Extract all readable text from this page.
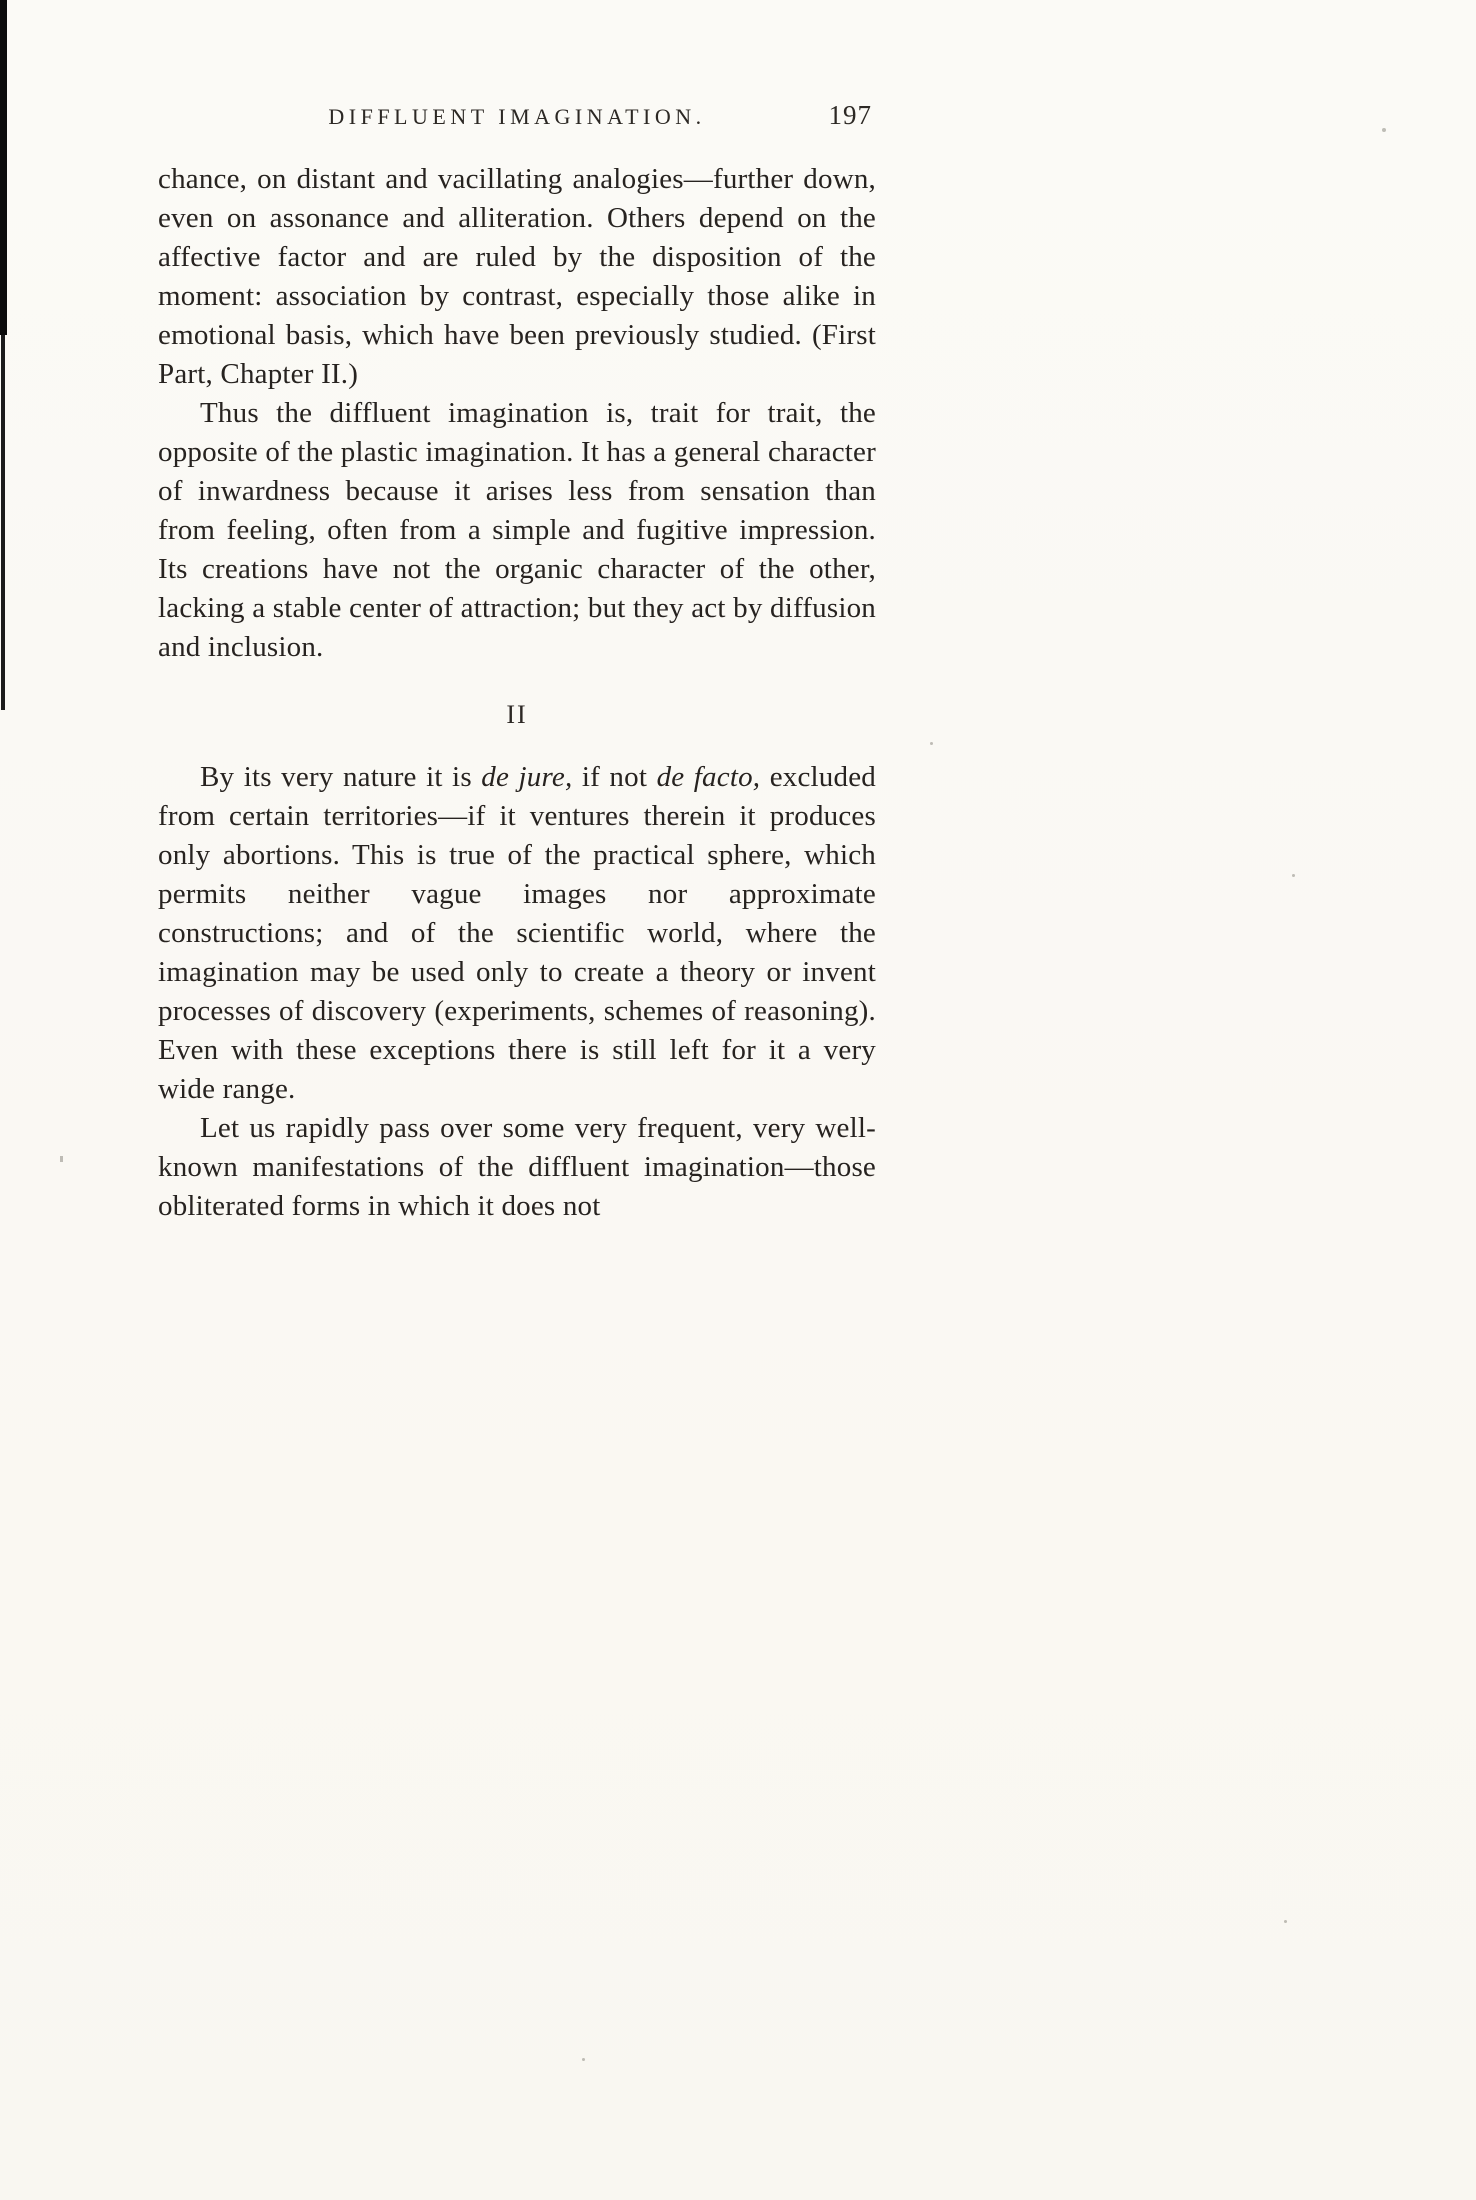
DIFFLUENT IMAGINATION.	197

chance, on distant and vacillating analogies—further down, even on assonance and alliteration. Others depend on the affective factor and are ruled by the disposition of the moment: association by contrast, especially those alike in emotional basis, which have been previously studied. (First Part, Chapter II.)

Thus the diffluent imagination is, trait for trait, the opposite of the plastic imagination. It has a general character of inwardness because it arises less from sensation than from feeling, often from a simple and fugitive impression. Its creations have not the organic character of the other, lacking a stable center of attraction; but they act by diffusion and inclusion.

II

By its very nature it is de jure, if not de facto, excluded from certain territories—if it ventures therein it produces only abortions. This is true of the practical sphere, which permits neither vague images nor approximate constructions; and of the scientific world, where the imagination may be used only to create a theory or invent processes of discovery (experiments, schemes of reasoning). Even with these exceptions there is still left for it a very wide range.

Let us rapidly pass over some very frequent, very well-known manifestations of the diffluent imagination—those obliterated forms in which it does not
